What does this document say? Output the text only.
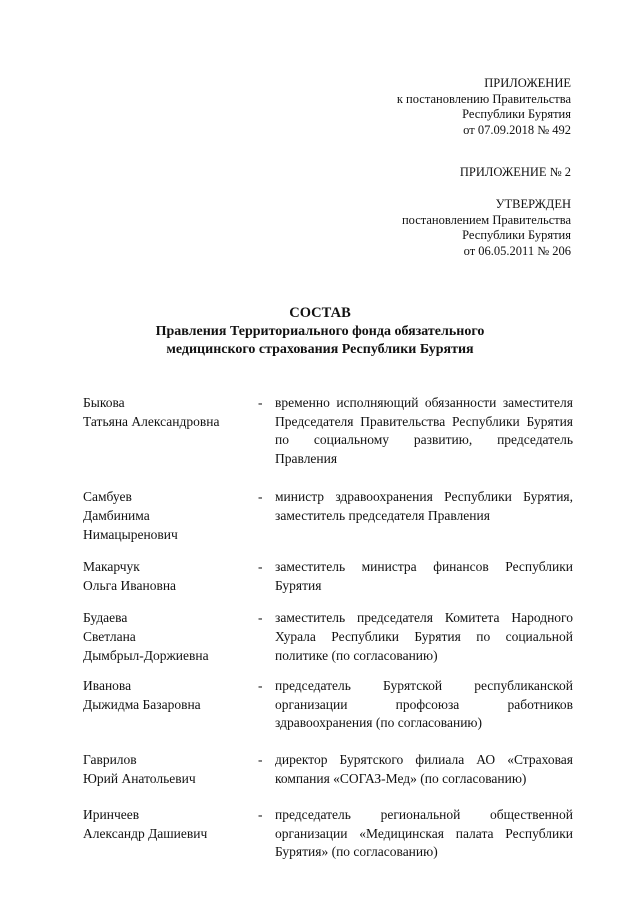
ПРИЛОЖЕНИЕ
к постановлению Правительства
Республики Бурятия
от 07.09.2018 № 492
ПРИЛОЖЕНИЕ № 2
УТВЕРЖДЕН
постановлением Правительства
Республики Бурятия
от 06.05.2011 № 206
СОСТАВ
Правления Территориального фонда обязательного
медицинского страхования Республики Бурятия
Быкова
Татьяна Александровна
- временно исполняющий обязанности заместителя Председателя Правительства Республики Бурятия по социальному развитию, председатель Правления
Самбуев
Дамбинима
Нимацыренович
- министр здравоохранения Республики Бурятия, заместитель председателя Правления
Макарчук
Ольга Ивановна
- заместитель министра финансов Республики Бурятия
Будаева
Светлана
Дымбрыл-Доржиевна
- заместитель председателя Комитета Народного Хурала Республики Бурятия по социальной политике (по согласованию)
Иванова
Дыжидма Базаровна
- председатель Бурятской республиканской организации профсоюза работников здравоохранения (по согласованию)
Гаврилов
Юрий Анатольевич
- директор Бурятского филиала АО «Страховая компания «СОГАЗ-Мед» (по согласованию)
Иринчеев
Александр Дашиевич
- председатель региональной общественной организации «Медицинская палата Республики Бурятия» (по согласованию)
